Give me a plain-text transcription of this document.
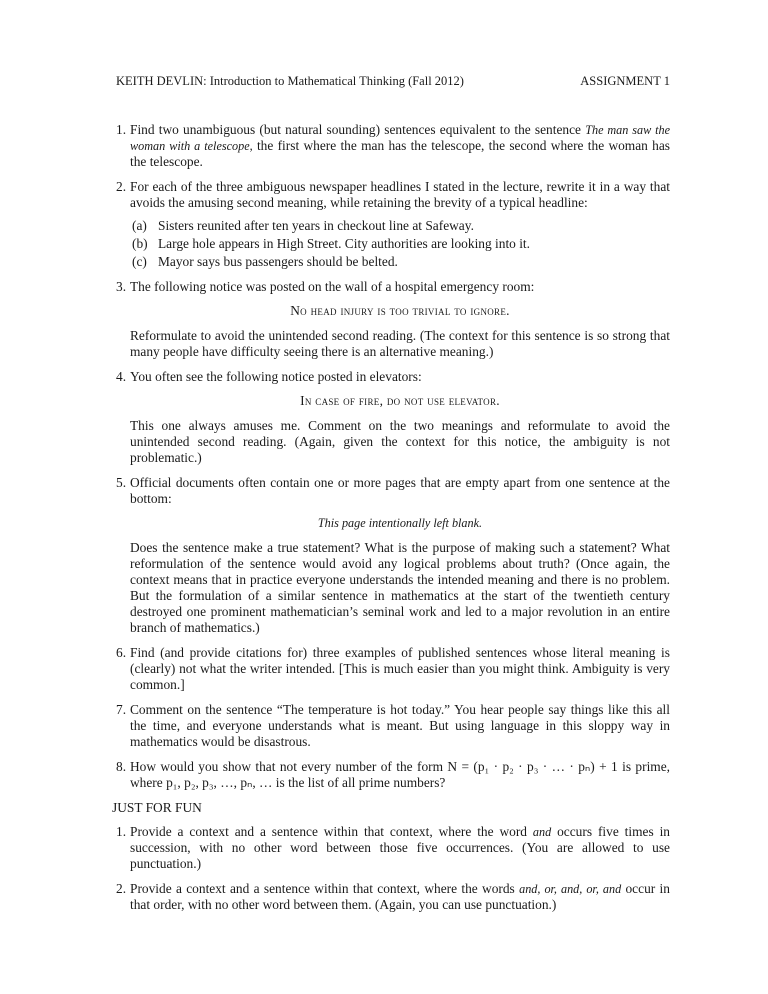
KEITH DEVLIN: Introduction to Mathematical Thinking (Fall 2012)	ASSIGNMENT 1
1. Find two unambiguous (but natural sounding) sentences equivalent to the sentence The man saw the woman with a telescope, the first where the man has the telescope, the second where the woman has the telescope.

2. For each of the three ambiguous newspaper headlines I stated in the lecture, rewrite it in a way that avoids the amusing second meaning, while retaining the brevity of a typical headline:

(a) Sisters reunited after ten years in checkout line at Safeway.
(b) Large hole appears in High Street. City authorities are looking into it.
(c) Mayor says bus passengers should be belted.
3. The following notice was posted on the wall of a hospital emergency room:

No head injury is too trivial to ignore.

Reformulate to avoid the unintended second reading. (The context for this sentence is so strong that many people have difficulty seeing there is an alternative meaning.)

4. You often see the following notice posted in elevators:

In case of fire, do not use elevator.

This one always amuses me. Comment on the two meanings and reformulate to avoid the unintended second reading. (Again, given the context for this notice, the ambiguity is not problematic.)

5. Official documents often contain one or more pages that are empty apart from one sentence at the bottom:

This page intentionally left blank.

Does the sentence make a true statement? What is the purpose of making such a statement? What reformulation of the sentence would avoid any logical problems about truth? (Once again, the context means that in practice everyone understands the intended meaning and there is no problem. But the formulation of a similar sentence in mathematics at the start of the twentieth century destroyed one prominent mathematician’s seminal work and led to a major revolution in an entire branch of mathematics.)

6. Find (and provide citations for) three examples of published sentences whose literal meaning is (clearly) not what the writer intended. [This is much easier than you might think. Ambiguity is very common.]

7. Comment on the sentence “The temperature is hot today.” You hear people say things like this all the time, and everyone understands what is meant. But using language in this sloppy way in mathematics would be disastrous.

8. How would you show that not every number of the form N = (p₁ · p₂ · p₃ · … · pₙ) + 1 is prime, where p₁, p₂, p₃, …, pₙ, … is the list of all prime numbers?

JUST FOR FUN
1. Provide a context and a sentence within that context, where the word and occurs five times in succession, with no other word between those five occurrences. (You are allowed to use punctuation.)

2. Provide a context and a sentence within that context, where the words and, or, and, or, and occur in that order, with no other word between them. (Again, you can use punctuation.)
